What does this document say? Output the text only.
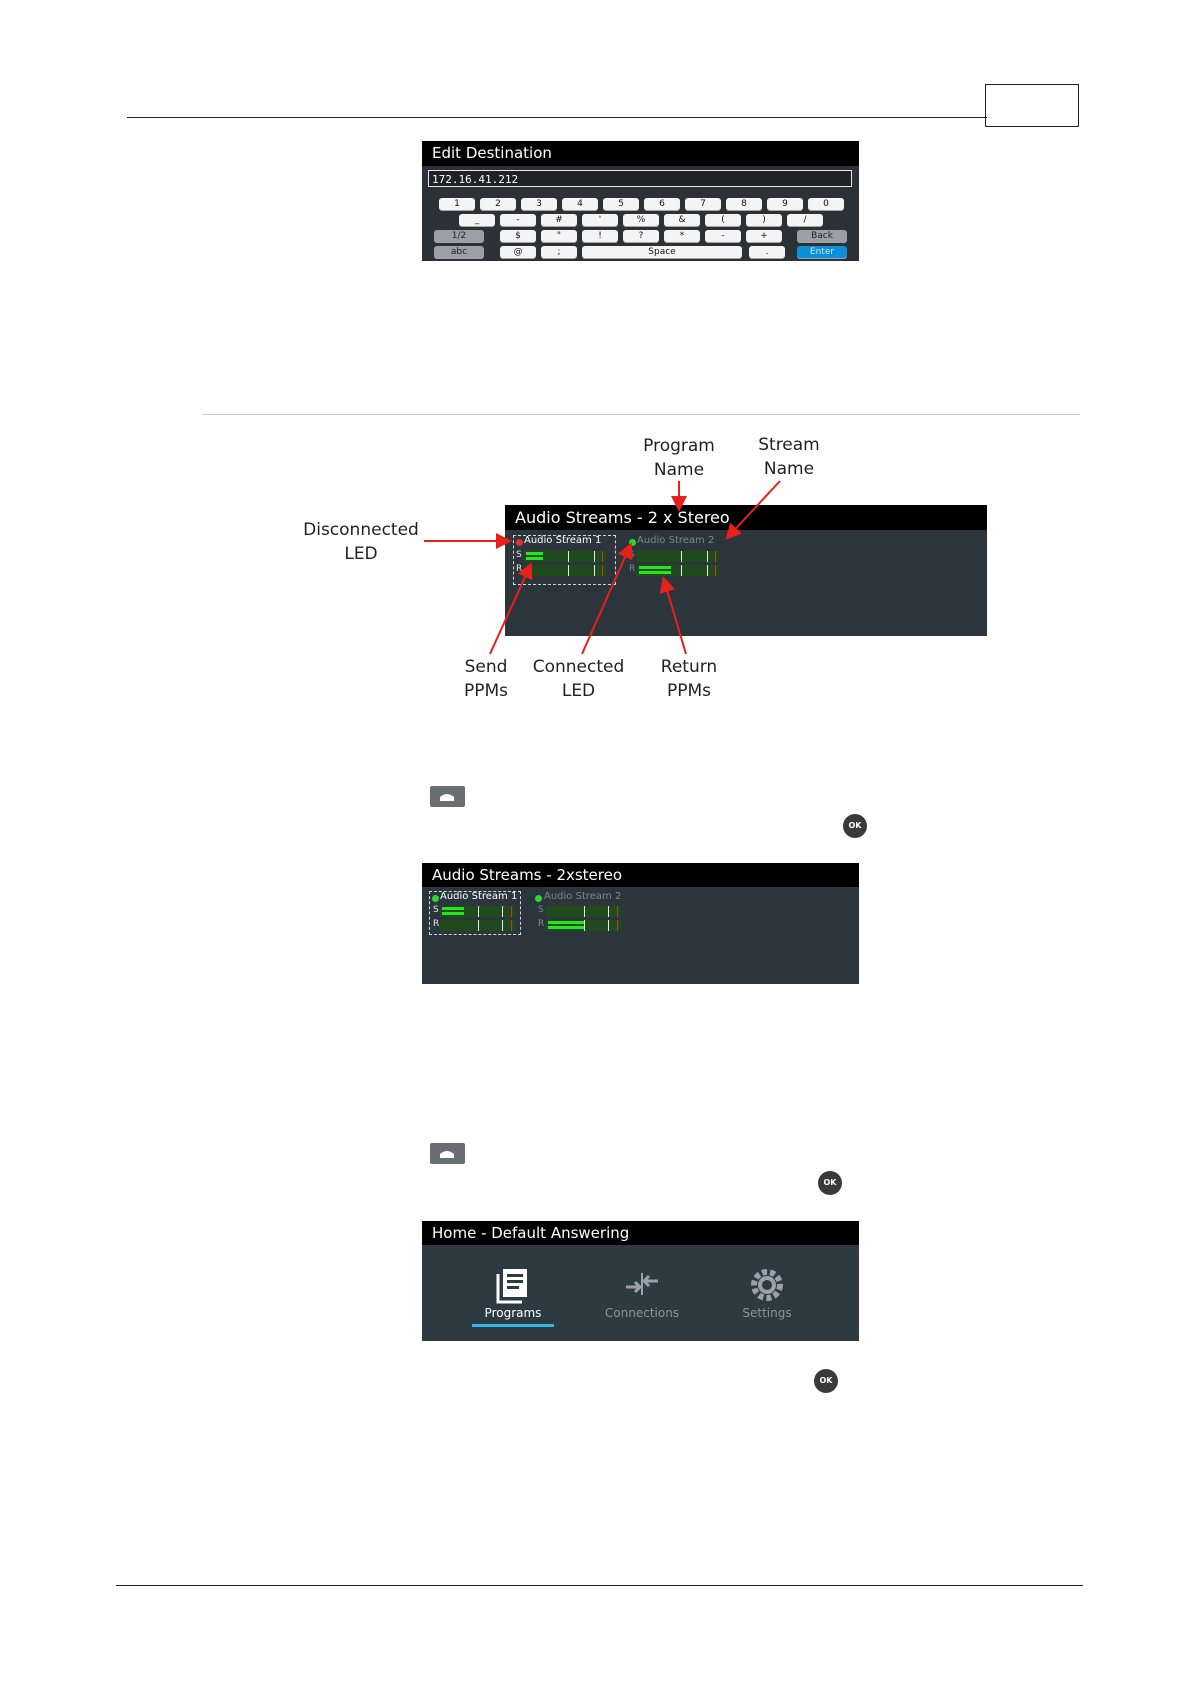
Edit Destination
172.16.41.212
1	2	3	4	5	6	7	8	9	0
_	-	#	'	%	&	(	)	/
1/2	$	"	!	?	*	-	+	Back
abc	@	;	Space	.	Enter
Audio Streams - 2 x Stereo
Audio Stream 1
S
R
Audio Stream 2
S
R
Program
Name
Stream
Name
Disconnected
LED
Send
PPMs
Connected
LED
Return
PPMs
OK
Audio Streams - 2xstereo
Audio Stream 1
S
R
Audio Stream 2
S
R
OK
Home - Default Answering
Programs	Connections	Settings
OK
